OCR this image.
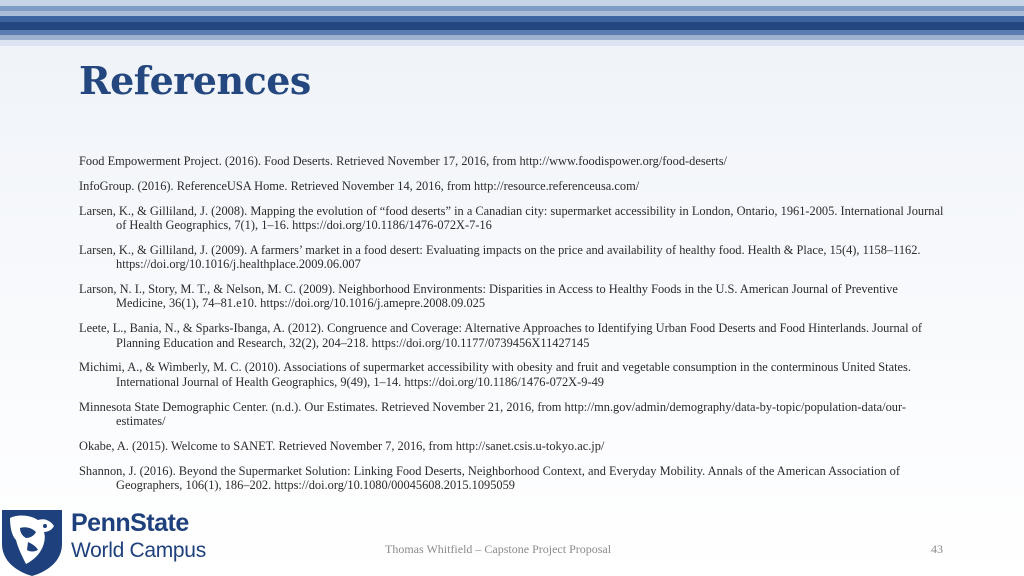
References

Food Empowerment Project. (2016). Food Deserts. Retrieved November 17, 2016, from http://www.foodispower.org/food-deserts/

InfoGroup. (2016). ReferenceUSA Home. Retrieved November 14, 2016, from http://resource.referenceusa.com/

Larsen, K., & Gilliland, J. (2008). Mapping the evolution of “food deserts” in a Canadian city: supermarket accessibility in London, Ontario, 1961-2005. International Journal of Health Geographics, 7(1), 1–16. https://doi.org/10.1186/1476-072X-7-16

Larsen, K., & Gilliland, J. (2009). A farmers’ market in a food desert: Evaluating impacts on the price and availability of healthy food. Health & Place, 15(4), 1158–1162. https://doi.org/10.1016/j.healthplace.2009.06.007

Larson, N. I., Story, M. T., & Nelson, M. C. (2009). Neighborhood Environments: Disparities in Access to Healthy Foods in the U.S. American Journal of Preventive Medicine, 36(1), 74–81.e10. https://doi.org/10.1016/j.amepre.2008.09.025

Leete, L., Bania, N., & Sparks-Ibanga, A. (2012). Congruence and Coverage: Alternative Approaches to Identifying Urban Food Deserts and Food Hinterlands. Journal of Planning Education and Research, 32(2), 204–218. https://doi.org/10.1177/0739456X11427145

Michimi, A., & Wimberly, M. C. (2010). Associations of supermarket accessibility with obesity and fruit and vegetable consumption in the conterminous United States. International Journal of Health Geographics, 9(49), 1–14. https://doi.org/10.1186/1476-072X-9-49

Minnesota State Demographic Center. (n.d.). Our Estimates. Retrieved November 21, 2016, from http://mn.gov/admin/demography/data-by-topic/population-data/our-estimates/

Okabe, A. (2015). Welcome to SANET. Retrieved November 7, 2016, from http://sanet.csis.u-tokyo.ac.jp/

Shannon, J. (2016). Beyond the Supermarket Solution: Linking Food Deserts, Neighborhood Context, and Everyday Mobility. Annals of the American Association of Geographers, 106(1), 186–202. https://doi.org/10.1080/00045608.2015.1095059

PennState
World Campus	Thomas Whitfield – Capstone Project Proposal	43
